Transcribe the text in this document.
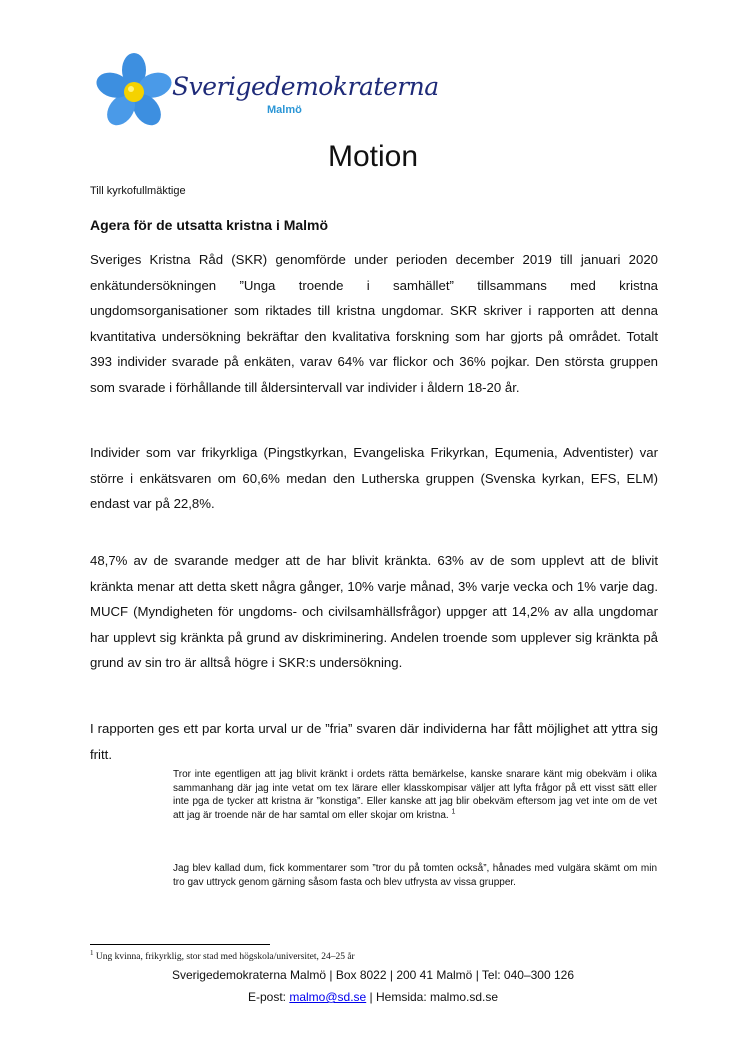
Sverigedemokraterna
Malmö
Motion
Till kyrkofullmäktige
Agera för de utsatta kristna i Malmö

Sveriges Kristna Råd (SKR) genomförde under perioden december 2019 till januari 2020 enkätundersökningen ”Unga troende i samhället” tillsammans med kristna ungdomsorganisationer som riktades till kristna ungdomar. SKR skriver i rapporten att denna kvantitativa undersökning bekräftar den kvalitativa forskning som har gjorts på området. Totalt 393 individer svarade på enkäten, varav 64% var flickor och 36% pojkar. Den största gruppen som svarade i förhållande till åldersintervall var individer i åldern 18-20 år.

Individer som var frikyrkliga (Pingstkyrkan, Evangeliska Frikyrkan, Equmenia, Adventister) var större i enkätsvaren om 60,6% medan den Lutherska gruppen (Svenska kyrkan, EFS, ELM) endast var på 22,8%.

48,7% av de svarande medger att de har blivit kränkta. 63% av de som upplevt att de blivit kränkta menar att detta skett några gånger, 10% varje månad, 3% varje vecka och 1% varje dag. MUCF (Myndigheten för ungdoms- och civilsamhällsfrågor) uppger att 14,2% av alla ungdomar har upplevt sig kränkta på grund av diskriminering. Andelen troende som upplever sig kränkta på grund av sin tro är alltså högre i SKR:s undersökning.

I rapporten ges ett par korta urval ur de ”fria” svaren där individerna har fått möjlighet att yttra sig fritt.

Tror inte egentligen att jag blivit kränkt i ordets rätta bemärkelse, kanske snarare känt mig obekväm i olika sammanhang där jag inte vetat om tex lärare eller klasskompisar väljer att lyfta frågor på ett visst sätt eller inte pga de tycker att kristna är ”konstiga”. Eller kanske att jag blir obekväm eftersom jag vet inte om de vet att jag är troende när de har samtal om eller skojar om kristna. $^1$

Jag blev kallad dum, fick kommentarer som ”tror du på tomten också”, hånades med vulgära skämt om min tro gav uttryck genom gärning såsom fasta och blev utfrysta av vissa grupper.

$^1$ Ung kvinna, frikyrklig, stor stad med högskola/universitet, 24–25 år
Sverigedemokraterna Malmö | Box 8022 | 200 41 Malmö | Tel: 040–300 126
E-post: malmo@sd.se | Hemsida: malmo.sd.se
